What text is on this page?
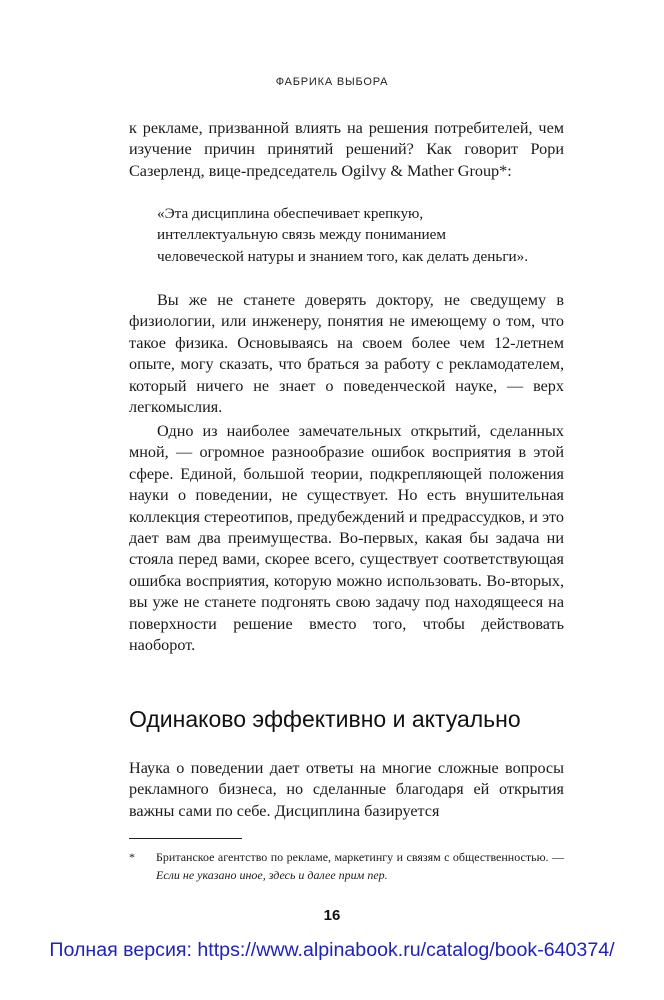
ФАБРИКА ВЫБОРА

к рекламе, призванной влиять на решения потребителей, чем изучение причин принятий решений? Как говорит Рори Сазерленд, вице-председатель Ogilvy & Mather Group*:

«Эта дисциплина обеспечивает крепкую, интеллектуальную связь между пониманием человеческой натуры и знанием того, как делать деньги».

Вы же не станете доверять доктору, не сведущему в физиологии, или инженеру, понятия не имеющему о том, что такое физика. Основываясь на своем более чем 12-летнем опыте, могу сказать, что браться за работу с рекламодателем, который ничего не знает о поведенческой науке, — верх легкомыслия.

Одно из наиболее замечательных открытий, сделанных мной, — огромное разнообразие ошибок восприятия в этой сфере. Единой, большой теории, подкрепляющей положения науки о поведении, не существует. Но есть внушительная коллекция стереотипов, предубеждений и предрассудков, и это дает вам два преимущества. Во-первых, какая бы задача ни стояла перед вами, скорее всего, существует соответствующая ошибка восприятия, которую можно использовать. Во-вторых, вы уже не станете подгонять свою задачу под находящееся на поверхности решение вместо того, чтобы действовать наоборот.

Одинаково эффективно и актуально

Наука о поведении дает ответы на многие сложные вопросы рекламного бизнеса, но сделанные благодаря ей открытия важны сами по себе. Дисциплина базируется

*	Британское агентство по рекламе, маркетингу и связям с общественностью. — Если не указано иное, здесь и далее прим пер.
16
Полная версия: https://www.alpinabook.ru/catalog/book-640374/
